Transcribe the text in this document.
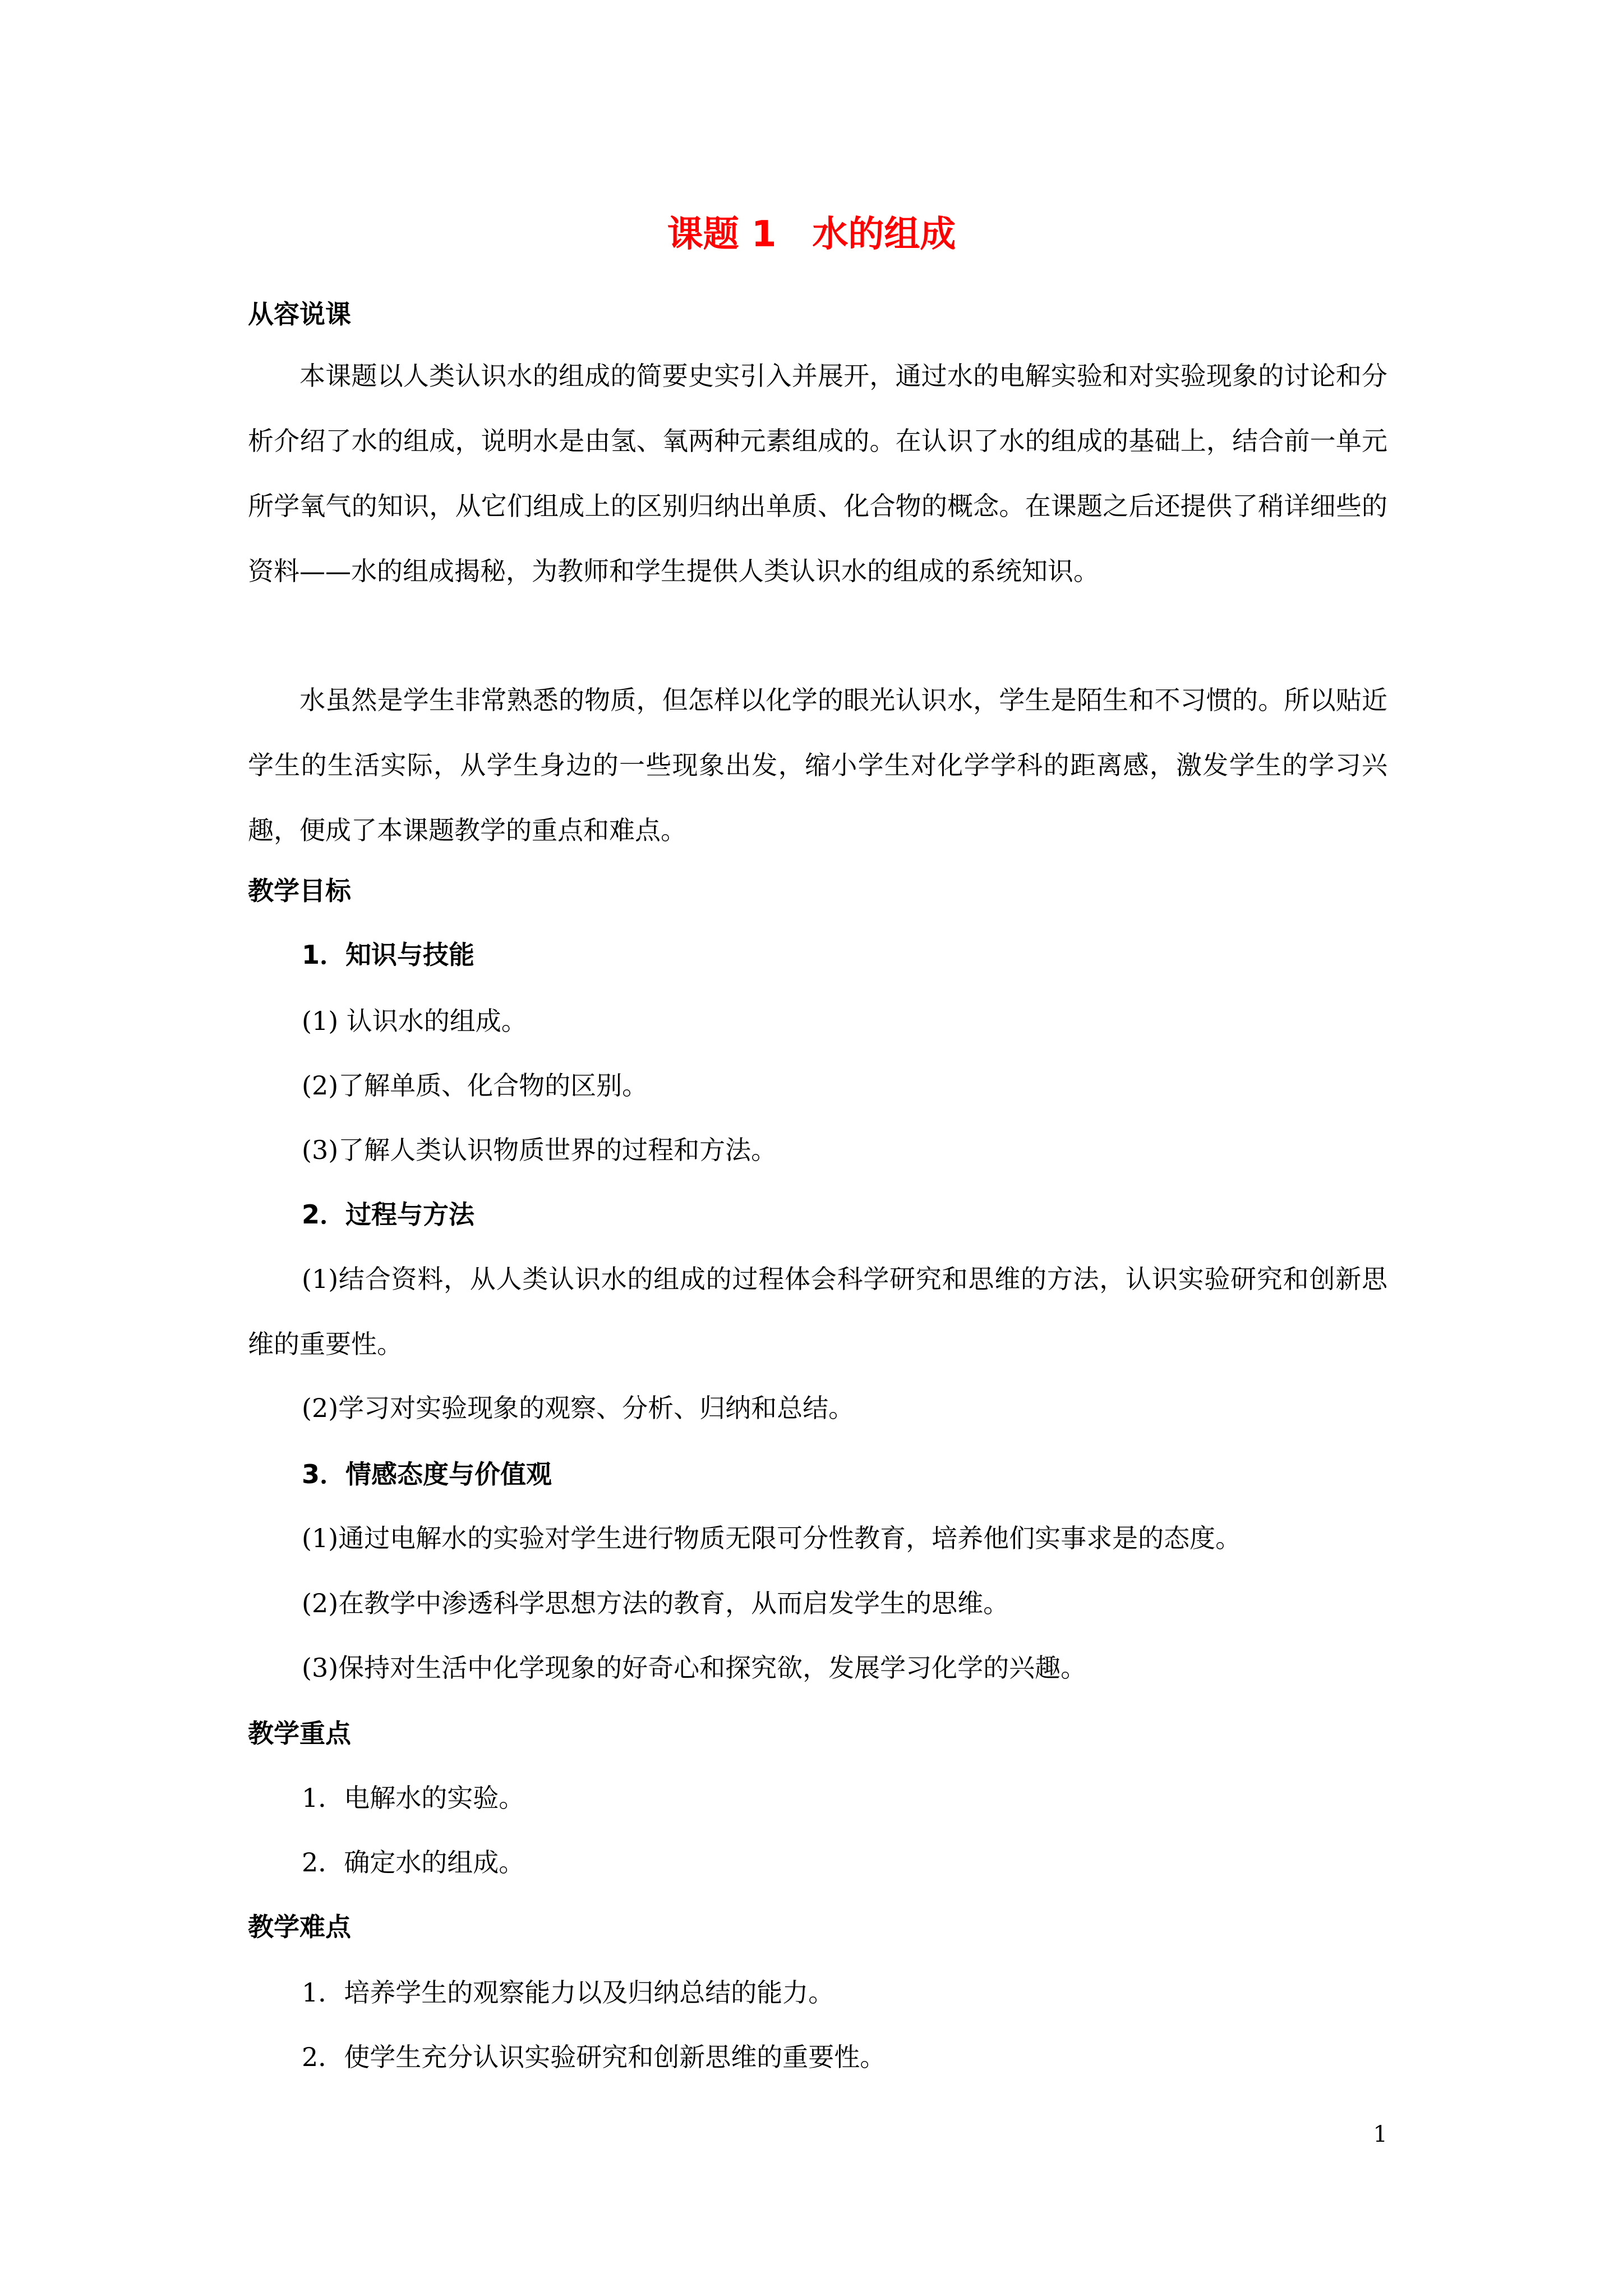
课题 1　水的组成
从容说课

本课题以人类认识水的组成的简要史实引入并展开，通过水的电解实验和对实验现象的讨论和分析介绍了水的组成，说明水是由氢、氧两种元素组成的。在认识了水的组成的基础上，结合前一单元所学氧气的知识，从它们组成上的区别归纳出单质、化合物的概念。在课题之后还提供了稍详细些的资料——水的组成揭秘，为教师和学生提供人类认识水的组成的系统知识。

水虽然是学生非常熟悉的物质，但怎样以化学的眼光认识水，学生是陌生和不习惯的。所以贴近学生的生活实际，从学生身边的一些现象出发，缩小学生对化学学科的距离感，激发学生的学习兴趣，便成了本课题教学的重点和难点。

教学目标
1．知识与技能

(1) 认识水的组成。

(2)了解单质、化合物的区别。

(3)了解人类认识物质世界的过程和方法。

2．过程与方法

(1)结合资料，从人类认识水的组成的过程体会科学研究和思维的方法，认识实验研究和创新思维的重要性。

(2)学习对实验现象的观察、分析、归纳和总结。

3．情感态度与价值观

(1)通过电解水的实验对学生进行物质无限可分性教育，培养他们实事求是的态度。

(2)在教学中渗透科学思想方法的教育，从而启发学生的思维。

(3)保持对生活中化学现象的好奇心和探究欲，发展学习化学的兴趣。

教学重点

1．电解水的实验。

2．确定水的组成。

教学难点

1．培养学生的观察能力以及归纳总结的能力。

2．使学生充分认识实验研究和创新思维的重要性。

1
